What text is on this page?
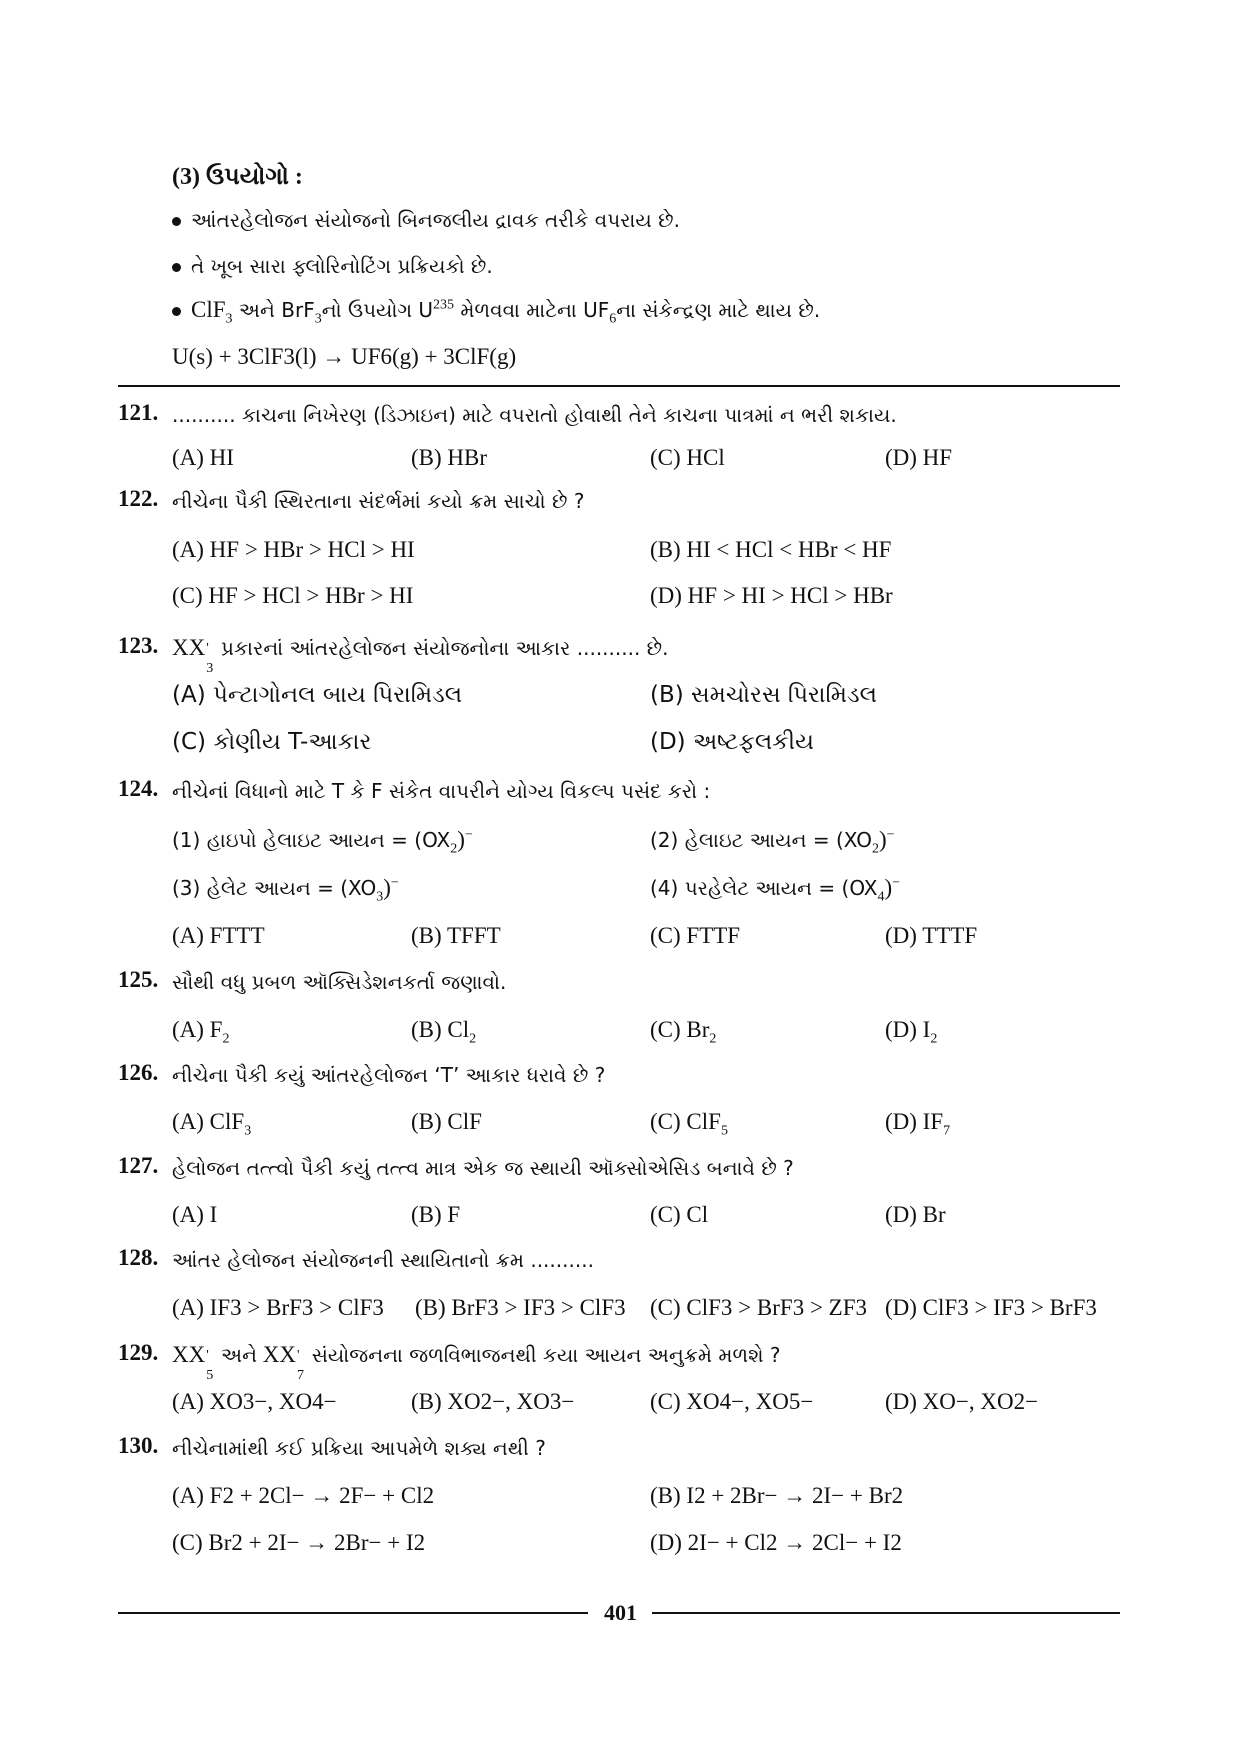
(3) ઉપયોગો :
આંતરહેલોજન સંયોજનો બિનજલીય દ્રાવક તરીકે વપરાય છે.
તે ખૂબ સારા ફ્લોરિનોટિંગ પ્રક્રિયકો છે.
ClF$_3$ અને BrF$_3$નો ઉપયોગ $U^{235}$ મેળવવા માટેના $UF_6ના$ સંકેન્દ્રણ માટે થાય છે.
U(s) + 3ClF3(l) → UF6(g) + 3ClF(g)
121. .......... કાચના નિખેરણ (ડિઝાઇન) માટે વપરાતો હોવાથી તેને કાચના પાત્રમાં ન ભરી શકાય.
(A) HI	(B) HBr	(C) HCl	(D) HF
122. નીચેના પૈકી સ્થિરતાના સંદર્ભમાં કયો ક્રમ સાચો છે ?
(A) HF > HBr > HCl > HI	(B) HI < HCl < HBr < HF
(C) HF > HCl > HBr > HI	(D) HF > HI > HCl > HBr
123. XX '
3
પ્રકારનાં આંતરહેલોજન સંયોજનોના આકાર .......... છે.
(A) પેન્ટાગોનલ બાય પિરામિડલ	(B) સમચોરસ પિરામિડલ
(C) કોણીય T-આકાર	(D) અષ્ટફલકીય
124. નીચેનાં વિધાનો માટે T કે F સંકેત વાપરીને યોગ્ય વિકલ્પ પસંદ કરો :
(1) હાઇપો હેલાઇટ આયન = $(OX_2)^-$	(2) હેલાઇટ આયન = $(XO_2)^-$
(3) હેલેટ આયન = $(XO_3)^-$	(4) પરહેલેટ આયન = $(OX_4)^-$
(A) FTTT	(B) TFFT	(C) FTTF	(D) TTTF
125. સૌથી વધુ પ્રબળ ઑક્સિડેશનકર્તા જણાવો.
(A) $F_2$	(B) $Cl_2$	(C) $Br_2$	(D) $I_2$
126. નીચેના પૈકી કયું આંતરહેલોજન ‘T’ આકાર ધરાવે છે ?
(A) ClF$_3$	(B) ClF	(C) ClF$_5$	(D) $IF_7$
127. હેલોજન તત્ત્વો પૈકી કયું તત્ત્વ માત્ર એક જ સ્થાયી ઑક્સોએસિડ બનાવે છે ?
(A) I	(B) F	(C) Cl	(D) Br
128. આંતર હેલોજન સંયોજનની સ્થાયિતાનો ક્રમ ..........
(A) IF3 > BrF3 > ClF3 (B) BrF3 > IF3 > ClF3 (C) ClF3 > BrF3 > ZF3 (D) ClF3 > IF3 > BrF3
129. XX '
5
અને XX '
7
સંયોજનના જળવિભાજનથી કયા આયન અનુક્રમે મળશે ?
(A) XO3−, XO4−	(B) XO2−, XO3−	(C) XO4−, XO5−	(D) XO−, XO2−
130. નીચેનામાંથી કઈ પ્રક્રિયા આપમેળે શક્ય નથી ?
(A) F2 + 2Cl− → 2F− + Cl2	(B) I2 + 2Br− → 2I− + Br2
(C) Br2 + 2I− → 2Br− + I2	(D) 2I− + Cl2 → 2Cl− + I2
401
